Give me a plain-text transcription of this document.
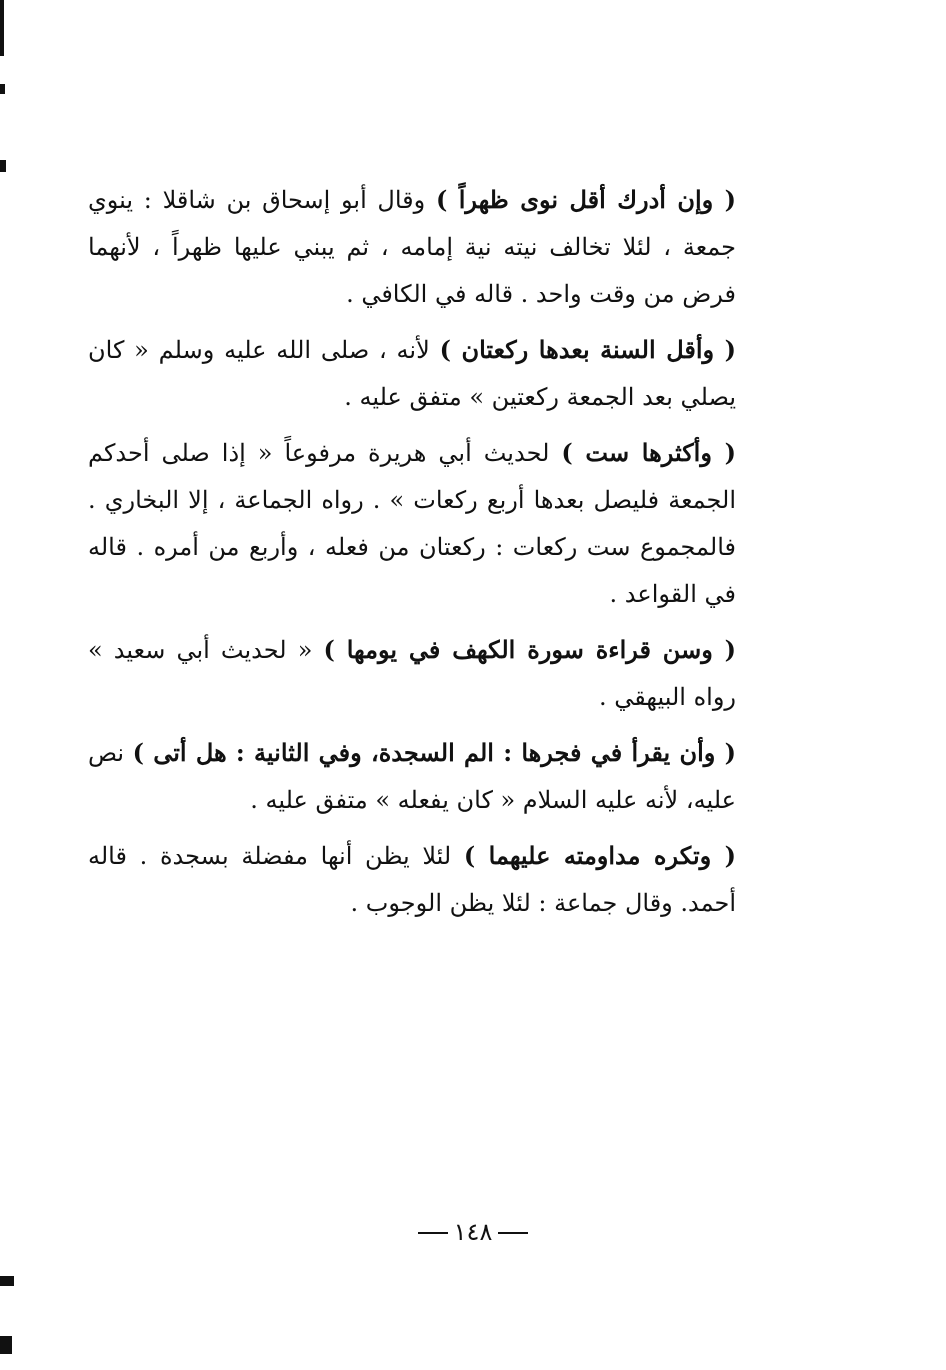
( وإن أدرك أقل نوى ظهراً ) وقال أبو إسحاق بن شاقلا : ينوي جمعة ، لئلا تخالف نيته نية إمامه ، ثم يبني عليها ظهراً ، لأنهما فرض من وقت واحد . قاله في الكافي .

( وأقل السنة بعدها ركعتان ) لأنه ، صلى الله عليه وسلم « كان يصلي بعد الجمعة ركعتين » متفق عليه .

( وأكثرها ست ) لحديث أبي هريرة مرفوعاً « إذا صلى أحدكم الجمعة فليصل بعدها أربع ركعات » . رواه الجماعة ، إلا البخاري . فالمجموع ست ركعات : ركعتان من فعله ، وأربع من أمره . قاله في القواعد .

( وسن قراءة سورة الكهف في يومها ) « لحديث أبي سعيد » رواه البيهقي .

( وأن يقرأ في فجرها : الم السجدة، وفي الثانية : هل أتى ) نص عليه، لأنه عليه السلام « كان يفعله » متفق عليه .

( وتكره مداومته عليهما ) لئلا يظن أنها مفضلة بسجدة . قاله أحمد. وقال جماعة : لئلا يظن الوجوب .

١٤٨
